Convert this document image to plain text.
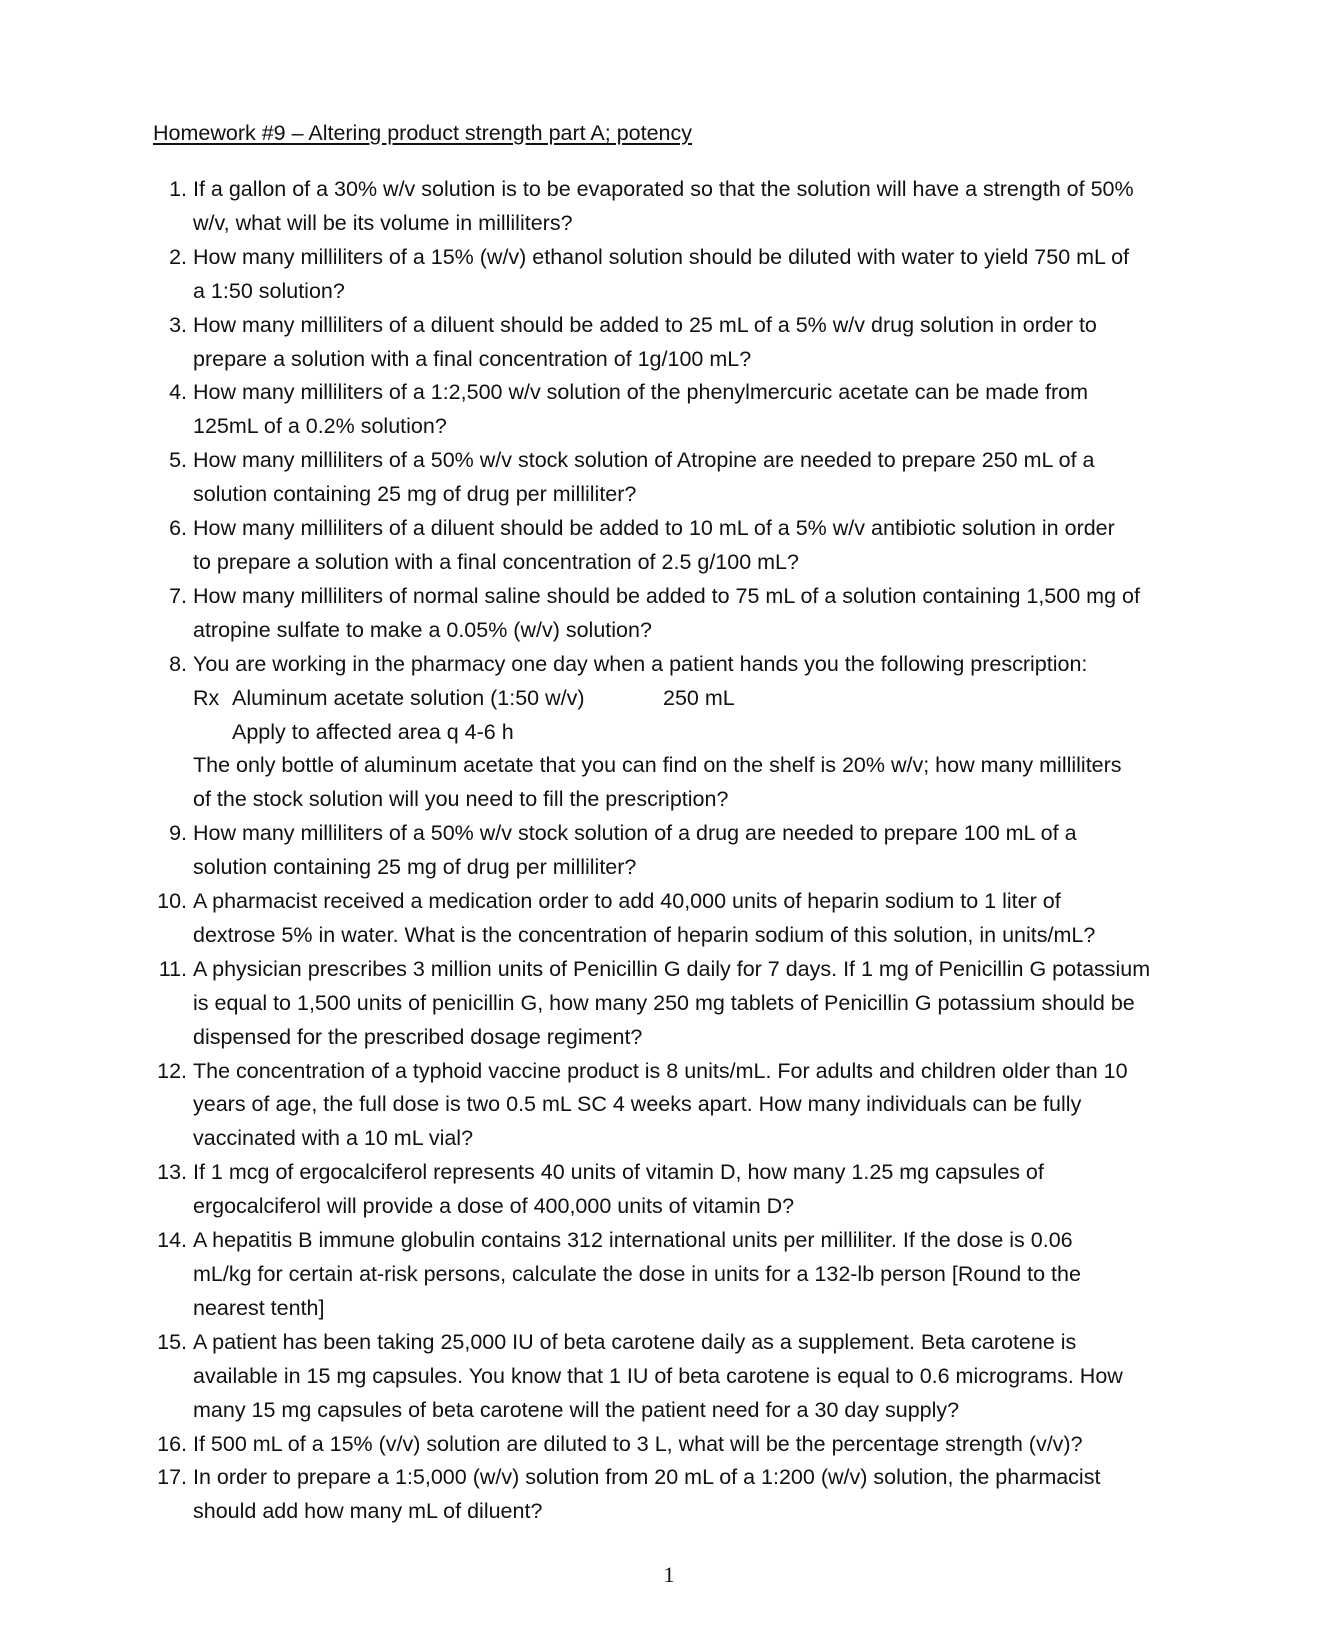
Homework #9 – Altering product strength part A; potency
1. If a gallon of a 30% w/v solution is to be evaporated so that the solution will have a strength of 50%
w/v, what will be its volume in milliliters?
2. How many milliliters of a 15% (w/v) ethanol solution should be diluted with water to yield 750 mL of
a 1:50 solution?
3. How many milliliters of a diluent should be added to 25 mL of a 5% w/v drug solution in order to
prepare a solution with a final concentration of 1g/100 mL?
4. How many milliliters of a 1:2,500 w/v solution of the phenylmercuric acetate can be made from
125mL of a 0.2% solution?
5. How many milliliters of a 50% w/v stock solution of Atropine are needed to prepare 250 mL of a
solution containing 25 mg of drug per milliliter?
6. How many milliliters of a diluent should be added to 10 mL of a 5% w/v antibiotic solution in order
to prepare a solution with a final concentration of 2.5 g/100 mL?
7. How many milliliters of normal saline should be added to 75 mL of a solution containing 1,500 mg of
atropine sulfate to make a 0.05% (w/v) solution?
8. You are working in the pharmacy one day when a patient hands you the following prescription:
Rx Aluminum acetate solution (1:50 w/v)	250 mL
Apply to affected area q 4-6 h
The only bottle of aluminum acetate that you can find on the shelf is 20% w/v; how many milliliters
of the stock solution will you need to fill the prescription?
9. How many milliliters of a 50% w/v stock solution of a drug are needed to prepare 100 mL of a
solution containing 25 mg of drug per milliliter?
10. A pharmacist received a medication order to add 40,000 units of heparin sodium to 1 liter of
dextrose 5% in water. What is the concentration of heparin sodium of this solution, in units/mL?
11. A physician prescribes 3 million units of Penicillin G daily for 7 days. If 1 mg of Penicillin G potassium
is equal to 1,500 units of penicillin G, how many 250 mg tablets of Penicillin G potassium should be
dispensed for the prescribed dosage regiment?
12. The concentration of a typhoid vaccine product is 8 units/mL. For adults and children older than 10
years of age, the full dose is two 0.5 mL SC 4 weeks apart. How many individuals can be fully
vaccinated with a 10 mL vial?
13. If 1 mcg of ergocalciferol represents 40 units of vitamin D, how many 1.25 mg capsules of
ergocalciferol will provide a dose of 400,000 units of vitamin D?
14. A hepatitis B immune globulin contains 312 international units per milliliter. If the dose is 0.06
mL/kg for certain at-risk persons, calculate the dose in units for a 132-lb person [Round to the
nearest tenth]
15. A patient has been taking 25,000 IU of beta carotene daily as a supplement. Beta carotene is
available in 15 mg capsules. You know that 1 IU of beta carotene is equal to 0.6 micrograms. How
many 15 mg capsules of beta carotene will the patient need for a 30 day supply?
16. If 500 mL of a 15% (v/v) solution are diluted to 3 L, what will be the percentage strength (v/v)?
17. In order to prepare a 1:5,000 (w/v) solution from 20 mL of a 1:200 (w/v) solution, the pharmacist
should add how many mL of diluent?
1
